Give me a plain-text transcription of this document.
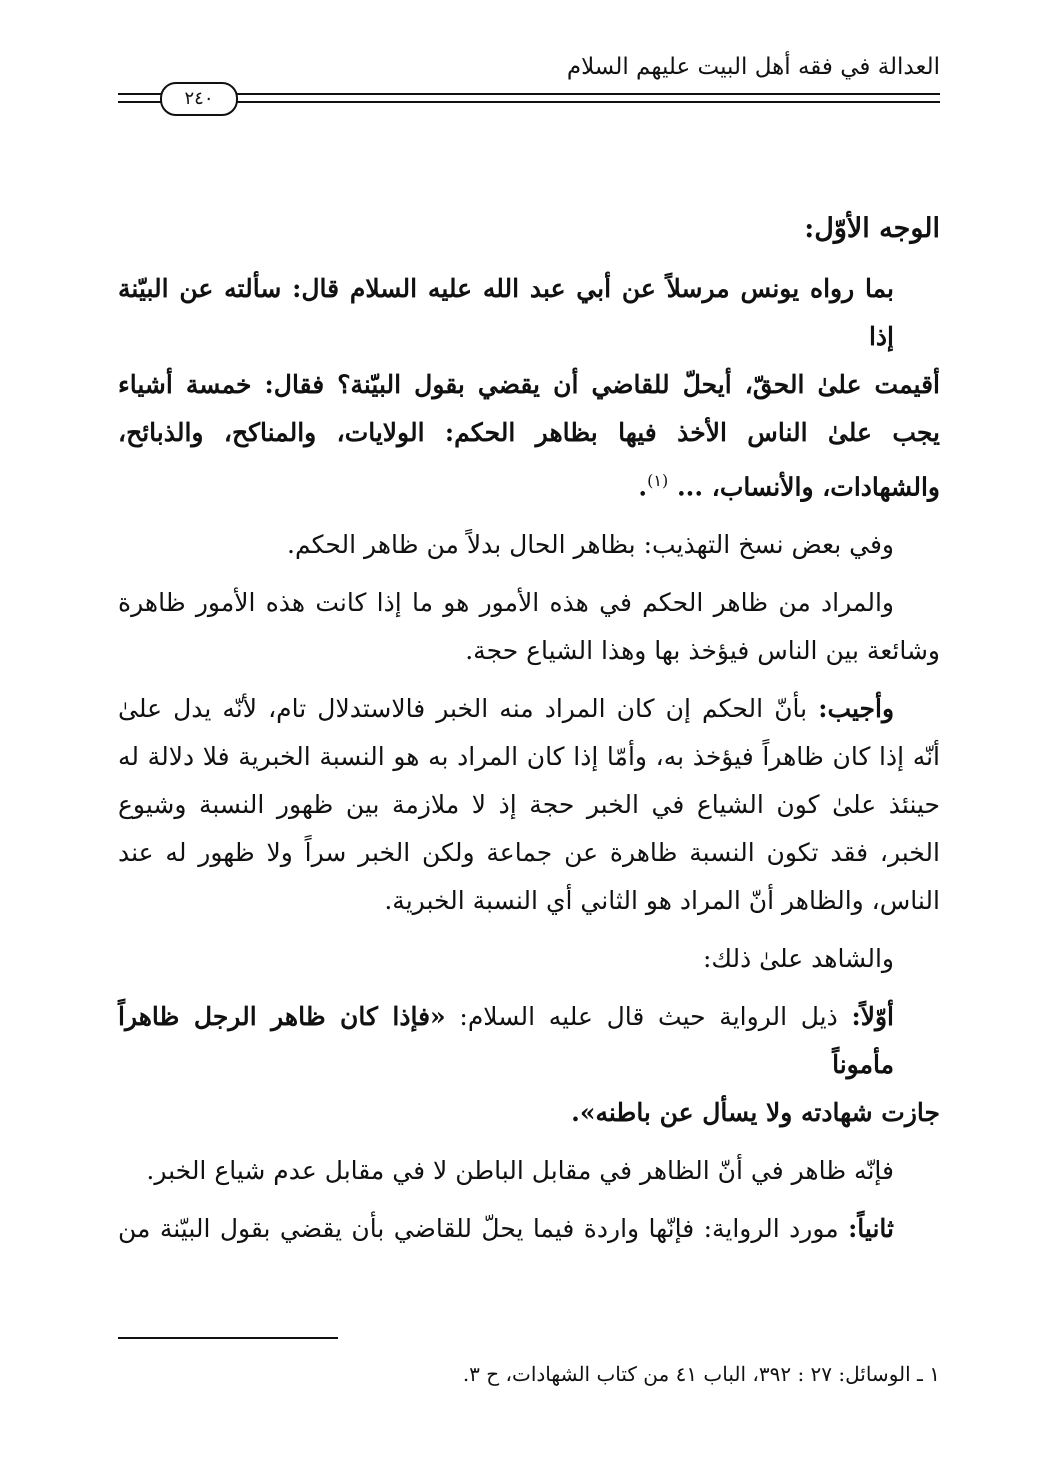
العدالة في فقه أهل البيت عليهم السلام
٢٤٠

الوجه الأوّل:

بما رواه يونس مرسلاً عن أبي عبد الله عليه السلام قال: سألته عن البيّنة إذا

أقيمت علىٰ الحقّ، أيحلّ للقاضي أن يقضي بقول البيّنة؟ فقال: خمسة أشياء

يجب علىٰ الناس الأخذ فيها بظاهر الحكم: الولايات، والمناكح، والذبائح،

والشهادات، والأنساب، ... $^{(١)}$.

وفي بعض نسخ التهذيب: بظاهر الحال بدلاً من ظاهر الحكم.

والمراد من ظاهر الحكم في هذه الأمور هو ما إذا كانت هذه الأمور ظاهرة

وشائعة بين الناس فيؤخذ بها وهذا الشياع حجة.

وأجيب: بأنّ الحكم إن كان المراد منه الخبر فالاستدلال تام، لأنّه يدل علىٰ

أنّه إذا كان ظاهراً فيؤخذ به، وأمّا إذا كان المراد به هو النسبة الخبرية فلا دلالة له

حينئذ علىٰ كون الشياع في الخبر حجة إذ لا ملازمة بين ظهور النسبة وشيوع

الخبر، فقد تكون النسبة ظاهرة عن جماعة ولكن الخبر سراً ولا ظهور له عند

الناس، والظاهر أنّ المراد هو الثاني أي النسبة الخبرية.

والشاهد علىٰ ذلك:

أوّلاً: ذيل الرواية حيث قال عليه السلام: «فإذا كان ظاهر الرجل ظاهراً مأموناً

جازت شهادته ولا يسأل عن باطنه».

فإنّه ظاهر في أنّ الظاهر في مقابل الباطن لا في مقابل عدم شياع الخبر.

ثانياً: مورد الرواية: فإنّها واردة فيما يحلّ للقاضي بأن يقضي بقول البيّنة من

١ ـ الوسائل: ٢٧ : ٣٩٢، الباب ٤١ من كتاب الشهادات، ح ٣.
